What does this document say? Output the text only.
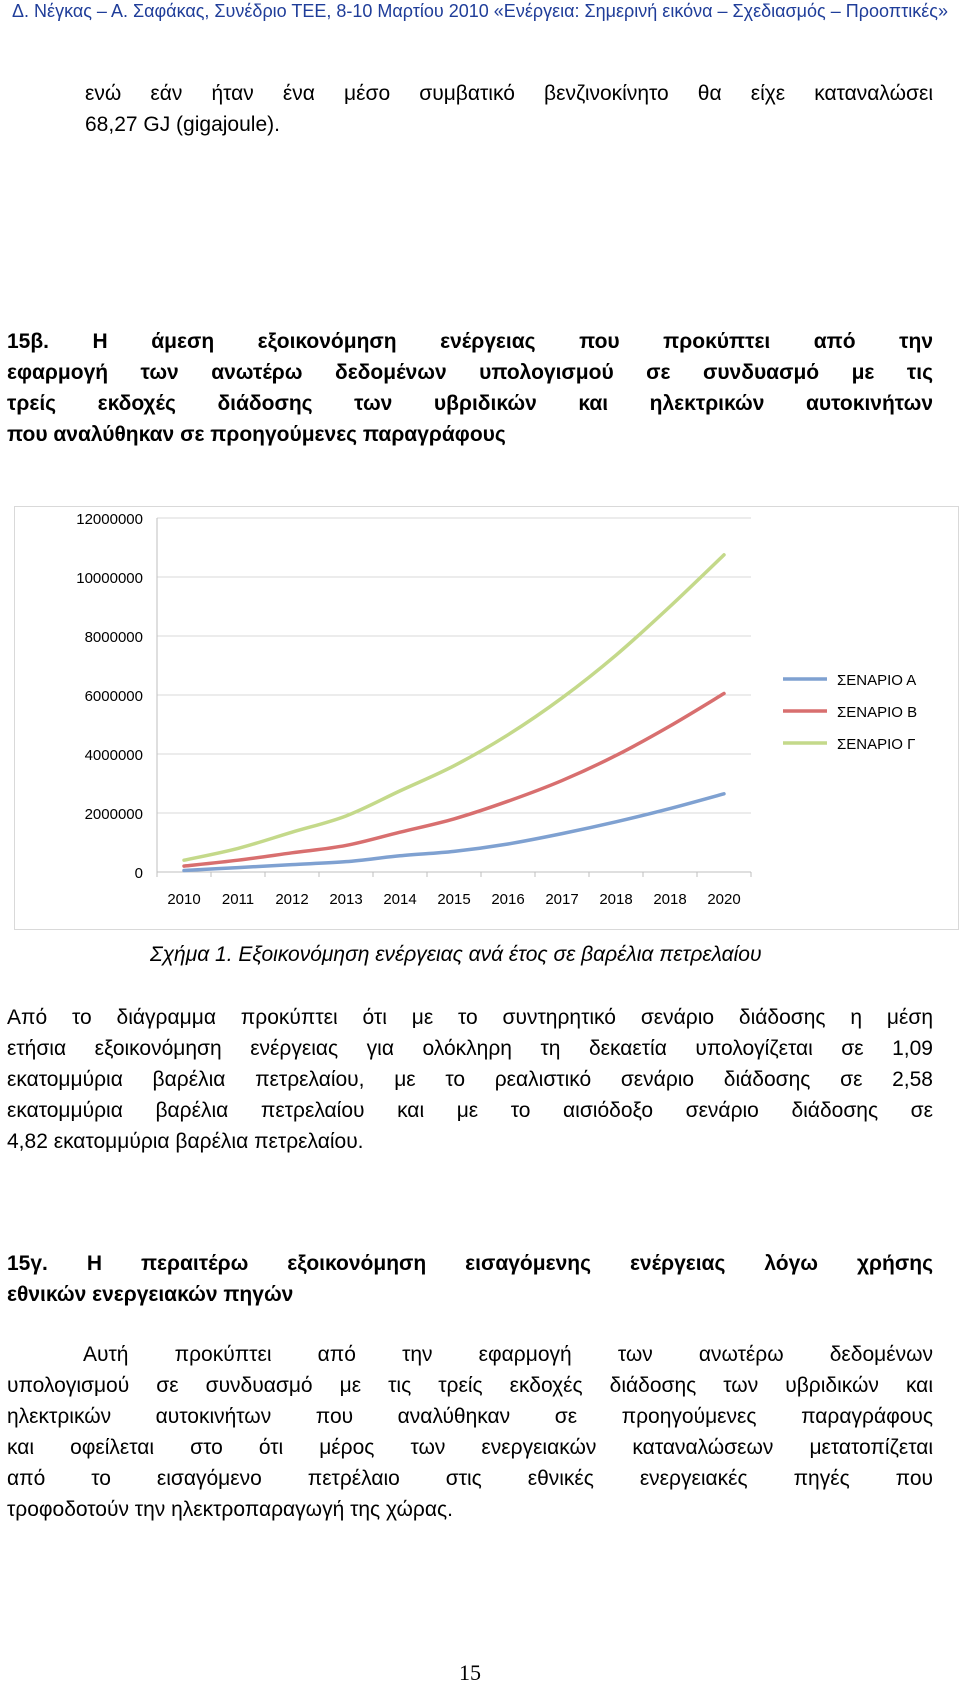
Δ. Νέγκας – Α. Σαφάκας, Συνέδριο ΤΕΕ, 8-10 Μαρτίου 2010 «Ενέργεια: Σημερινή εικόνα – Σχεδιασμός – Προοπτικές»
ενώ εάν ήταν ένα μέσο συμβατικό βενζινοκίνητο θα είχε καταναλώσει
68,27 GJ (gigajoule).
15β. Η άμεση εξοικονόμηση ενέργειας που προκύπτει από την
εφαρμογή των ανωτέρω δεδομένων υπολογισμού σε συνδυασμό με τις
τρείς εκδοχές διάδοσης των υβριδικών και ηλεκτρικών αυτοκινήτων
που αναλύθηκαν σε προηγούμενες παραγράφους
0
2000000
4000000
6000000
8000000
10000000
12000000
2010 2011 2012 2013 2014 2015 2016 2017 2018 2018 2020
ΣΕΝΑΡΙΟ Α
ΣΕΝΑΡΙΟ Β
ΣΕΝΑΡΙΟ Γ
Σχήμα 1. Εξοικονόμηση ενέργειας ανά έτος σε βαρέλια πετρελαίου
Από το διάγραμμα προκύπτει ότι με το συντηρητικό σενάριο διάδοσης η μέση
ετήσια εξοικονόμηση ενέργειας για ολόκληρη τη δεκαετία υπολογίζεται σε 1,09
εκατομμύρια βαρέλια πετρελαίου, με το ρεαλιστικό σενάριο διάδοσης σε 2,58
εκατομμύρια βαρέλια πετρελαίου και με το αισιόδοξο σενάριο διάδοσης σε
4,82 εκατομμύρια βαρέλια πετρελαίου.
15γ. Η περαιτέρω εξοικονόμηση εισαγόμενης ενέργειας λόγω χρήσης
εθνικών ενεργειακών πηγών
Αυτή προκύπτει από την εφαρμογή των ανωτέρω δεδομένων
υπολογισμού σε συνδυασμό με τις τρείς εκδοχές διάδοσης των υβριδικών και
ηλεκτρικών αυτοκινήτων που αναλύθηκαν σε προηγούμενες παραγράφους
και οφείλεται στο ότι μέρος των ενεργειακών καταναλώσεων μετατοπίζεται
από το εισαγόμενο πετρέλαιο στις εθνικές ενεργειακές πηγές που
τροφοδοτούν την ηλεκτροπαραγωγή της χώρας.
15
